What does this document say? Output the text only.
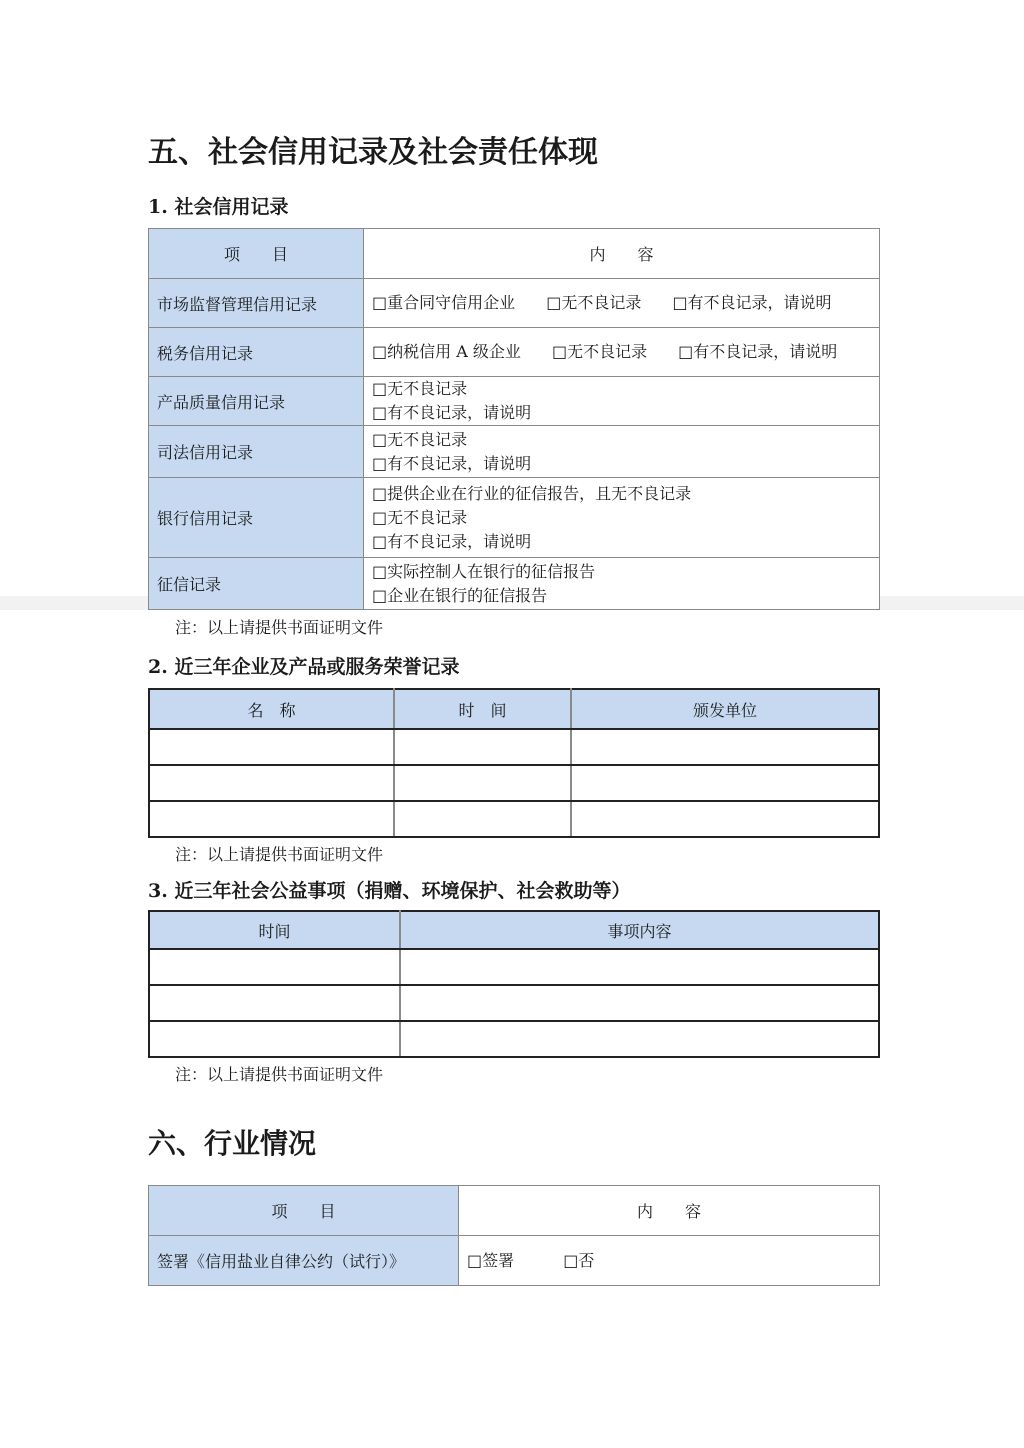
五、社会信用记录及社会责任体现
1. 社会信用记录
项　　目	内　　容
市场监督管理信用记录	□重合同守信用企业 □无不良记录 □有不良记录，请说明

税务信用记录	□纳税信用 A 级企业 □无不良记录 □有不良记录，请说明

产品质量信用记录	□无不良记录
□有不良记录，请说明

司法信用记录	□无不良记录
□有不良记录，请说明

银行信用记录	□提供企业在行业的征信报告，且无不良记录
□无不良记录
□有不良记录，请说明

征信记录	□实际控制人在银行的征信报告
□企业在银行的征信报告
注：以上请提供书面证明文件
2. 近三年企业及产品或服务荣誉记录
名　称	时　间	颁发单位

注：以上请提供书面证明文件
3. 近三年社会公益事项（捐赠、环境保护、社会救助等）
时间	事项内容

注：以上请提供书面证明文件
六、行业情况
项　　目	内　　容
签署《信用盐业自律公约（试行）》	□签署 □否
